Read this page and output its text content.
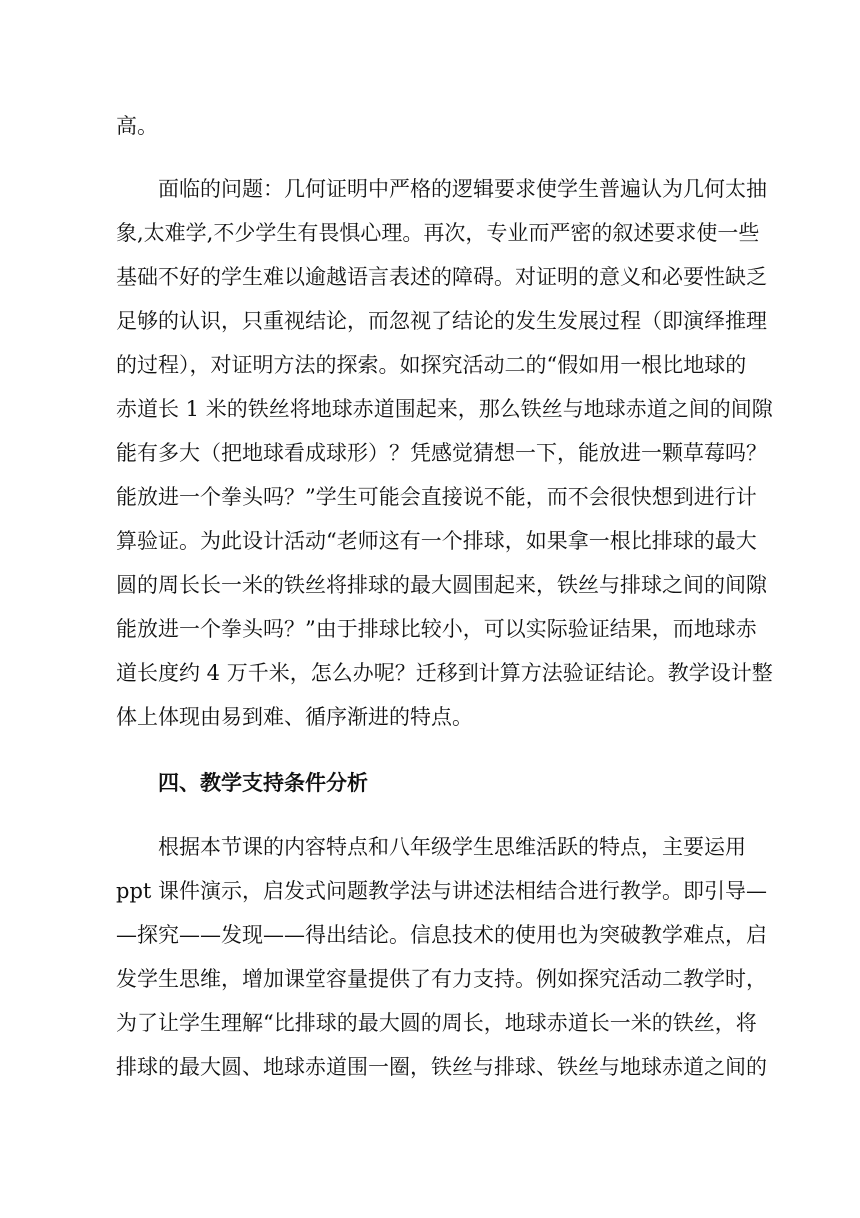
高。
面临的问题：几何证明中严格的逻辑要求使学生普遍认为几何太抽
象,太难学,不少学生有畏惧心理。再次，专业而严密的叙述要求使一些
基础不好的学生难以逾越语言表述的障碍。对证明的意义和必要性缺乏
足够的认识，只重视结论，而忽视了结论的发生发展过程（即演绎推理
的过程），对证明方法的探索。如探究活动二的“假如用一根比地球的
赤道长 1 米的铁丝将地球赤道围起来，那么铁丝与地球赤道之间的间隙
能有多大（把地球看成球形）？凭感觉猜想一下，能放进一颗草莓吗？
能放进一个拳头吗？”学生可能会直接说不能，而不会很快想到进行计
算验证。为此设计活动“老师这有一个排球，如果拿一根比排球的最大
圆的周长长一米的铁丝将排球的最大圆围起来，铁丝与排球之间的间隙
能放进一个拳头吗？”由于排球比较小，可以实际验证结果，而地球赤
道长度约 4 万千米，怎么办呢？迁移到计算方法验证结论。教学设计整
体上体现由易到难、循序渐进的特点。
四、教学支持条件分析
根据本节课的内容特点和八年级学生思维活跃的特点，主要运用
ppt 课件演示，启发式问题教学法与讲述法相结合进行教学。即引导—
—探究——发现——得出结论。信息技术的使用也为突破教学难点，启
发学生思维，增加课堂容量提供了有力支持。例如探究活动二教学时，
为了让学生理解“比排球的最大圆的周长，地球赤道长一米的铁丝，将
排球的最大圆、地球赤道围一圈，铁丝与排球、铁丝与地球赤道之间的
